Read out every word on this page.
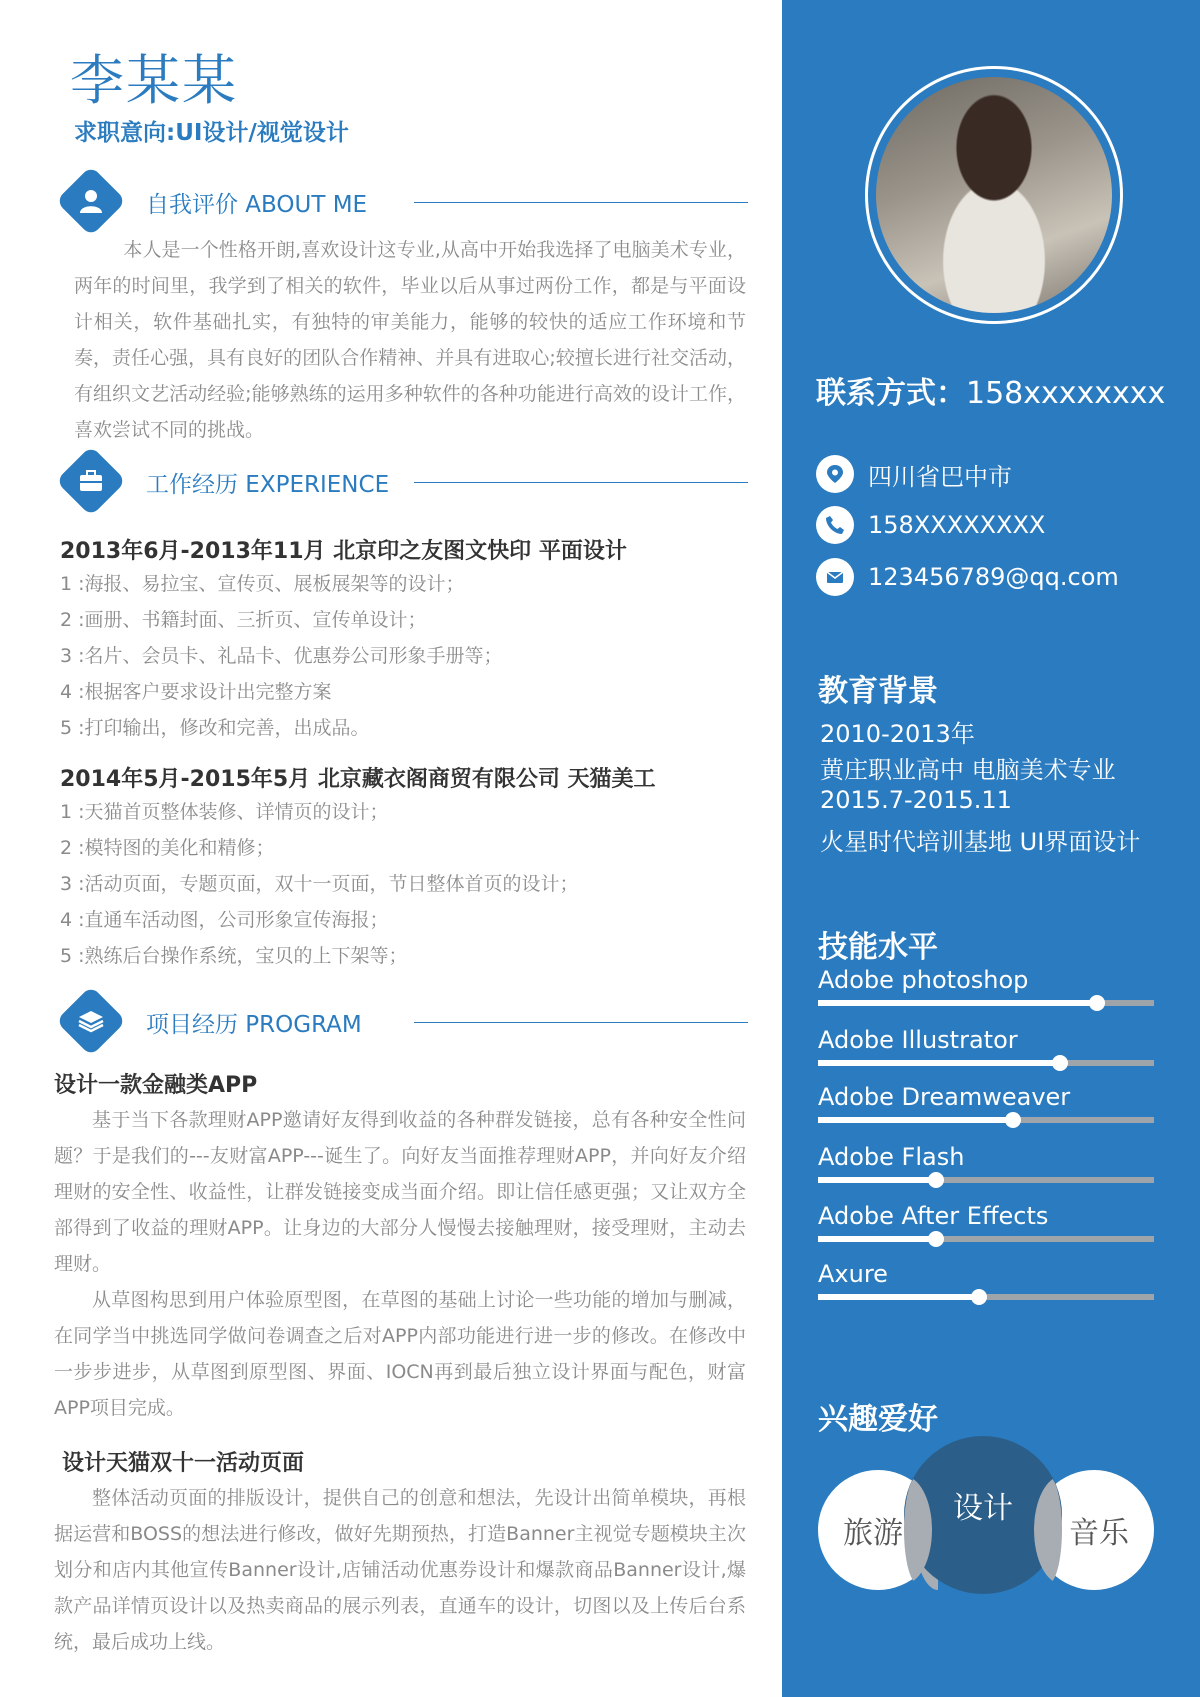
李某某
求职意向:UI设计/视觉设计
自我评价 ABOUT ME
本人是一个性格开朗,喜欢设计这专业,从高中开始我选择了电脑美术专业，两年的时间里，我学到了相关的软件，毕业以后从事过两份工作，都是与平面设计相关，软件基础扎实，有独特的审美能力，能够的较快的适应工作环境和节奏，责任心强，具有良好的团队合作精神、并具有进取心;较擅长进行社交活动，有组织文艺活动经验;能够熟练的运用多种软件的各种功能进行高效的设计工作，喜欢尝试不同的挑战。
工作经历 EXPERIENCE
2013年6月-2013年11月 北京印之友图文快印 平面设计
1 :海报、易拉宝、宣传页、展板展架等的设计；
2 :画册、书籍封面、三折页、宣传单设计；
3 :名片、会员卡、礼品卡、优惠券公司形象手册等；
4 :根据客户要求设计出完整方案
5 :打印输出，修改和完善，出成品。
2014年5月-2015年5月 北京藏衣阁商贸有限公司 天猫美工
1 :天猫首页整体装修、详情页的设计；
2 :模特图的美化和精修；
3 :活动页面，专题页面，双十一页面，节日整体首页的设计；
4 :直通车活动图，公司形象宣传海报；
5 :熟练后台操作系统，宝贝的上下架等；
项目经历 PROGRAM
设计一款金融类APP

基于当下各款理财APP邀请好友得到收益的各种群发链接，总有各种安全性问题？于是我们的---友财富APP---诞生了。向好友当面推荐理财APP，并向好友介绍理财的安全性、收益性，让群发链接变成当面介绍。即让信任感更强；又让双方全部得到了收益的理财APP。让身边的大部分人慢慢去接触理财，接受理财，主动去理财。

从草图构思到用户体验原型图，在草图的基础上讨论一些功能的增加与删减，在同学当中挑选同学做问卷调查之后对APP内部功能进行进一步的修改。在修改中一步步进步，从草图到原型图、界面、IOCN再到最后独立设计界面与配色，财富APP项目完成。

设计天猫双十一活动页面

整体活动页面的排版设计，提供自己的创意和想法，先设计出简单模块，再根据运营和BOSS的想法进行修改，做好先期预热，打造Banner主视觉专题模块主次划分和店内其他宣传Banner设计,店铺活动优惠券设计和爆款商品Banner设计,爆款产品详情页设计以及热卖商品的展示列表，直通车的设计，切图以及上传后台系统，最后成功上线。

联系方式：158xxxxxxxx
四川省巴中市
158XXXXXXXX
123456789@qq.com
教育背景
2010-2013年
黄庄职业高中 电脑美术专业
2015.7-2015.11
火星时代培训基地 UI界面设计
技能水平
Adobe photoshop
Adobe Illustrator
Adobe Dreamweaver
Adobe Flash
Adobe After Effects
Axure
兴趣爱好
旅游	音乐
设计
